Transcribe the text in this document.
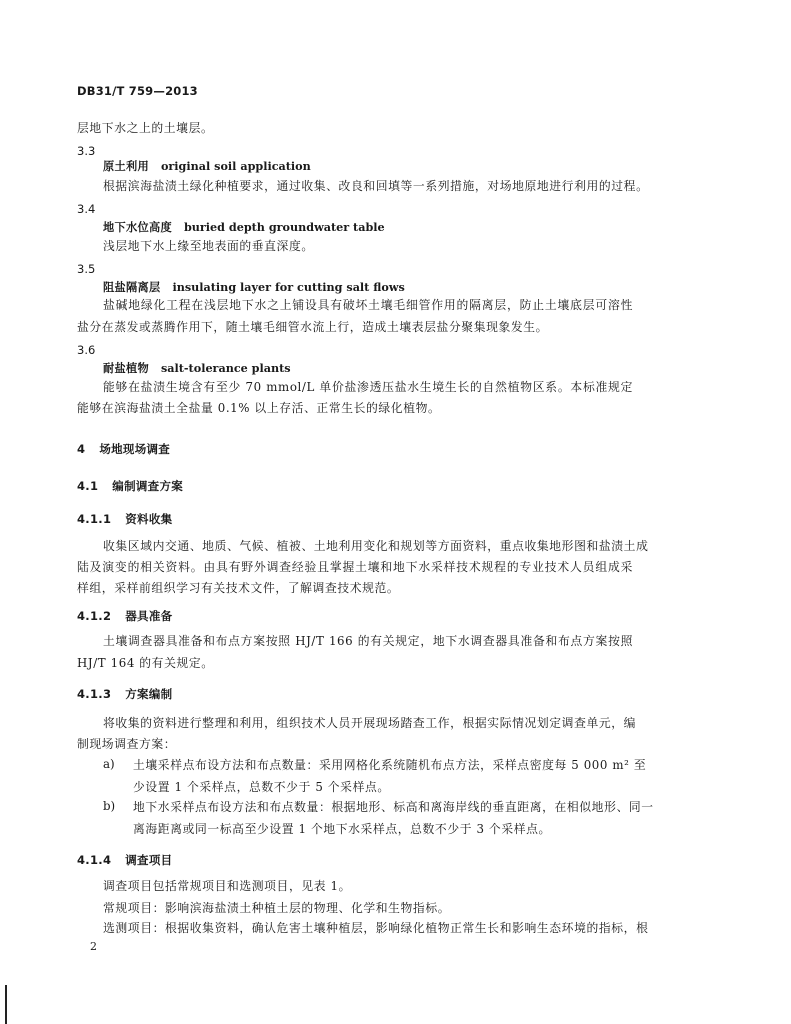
DB31/T 759—2013
层地下水之上的土壤层。
3.3
原土利用 original soil application
根据滨海盐渍土绿化种植要求，通过收集、改良和回填等一系列措施，对场地原地进行利用的过程。
3.4
地下水位高度 buried depth groundwater table
浅层地下水上缘至地表面的垂直深度。
3.5
阻盐隔离层 insulating layer for cutting salt flows
盐碱地绿化工程在浅层地下水之上铺设具有破坏土壤毛细管作用的隔离层，防止土壤底层可溶性
盐分在蒸发或蒸腾作用下，随土壤毛细管水流上行，造成土壤表层盐分聚集现象发生。
3.6
耐盐植物 salt-tolerance plants
能够在盐渍生境含有至少 70 mmol/L 单价盐渗透压盐水生境生长的自然植物区系。本标准规定
能够在滨海盐渍土全盐量 0.1% 以上存活、正常生长的绿化植物。
4 场地现场调查
4.1 编制调查方案
4.1.1 资料收集
收集区域内交通、地质、气候、植被、土地利用变化和规划等方面资料，重点收集地形图和盐渍土成
陆及演变的相关资料。由具有野外调查经验且掌握土壤和地下水采样技术规程的专业技术人员组成采
样组，采样前组织学习有关技术文件，了解调查技术规范。
4.1.2 器具准备
土壤调查器具准备和布点方案按照 HJ/T 166 的有关规定，地下水调查器具准备和布点方案按照
HJ/T 164 的有关规定。
4.1.3 方案编制
将收集的资料进行整理和利用，组织技术人员开展现场踏查工作，根据实际情况划定调查单元，编
制现场调查方案：
a) 土壤采样点布设方法和布点数量：采用网格化系统随机布点方法，采样点密度每 5 000 m² 至
少设置 1 个采样点，总数不少于 5 个采样点。
b) 地下水采样点布设方法和布点数量：根据地形、标高和离海岸线的垂直距离，在相似地形、同一
离海距离或同一标高至少设置 1 个地下水采样点，总数不少于 3 个采样点。
4.1.4 调查项目
调查项目包括常规项目和选测项目，见表 1。
常规项目：影响滨海盐渍土种植土层的物理、化学和生物指标。
选测项目：根据收集资料，确认危害土壤种植层，影响绿化植物正常生长和影响生态环境的指标，根
2
